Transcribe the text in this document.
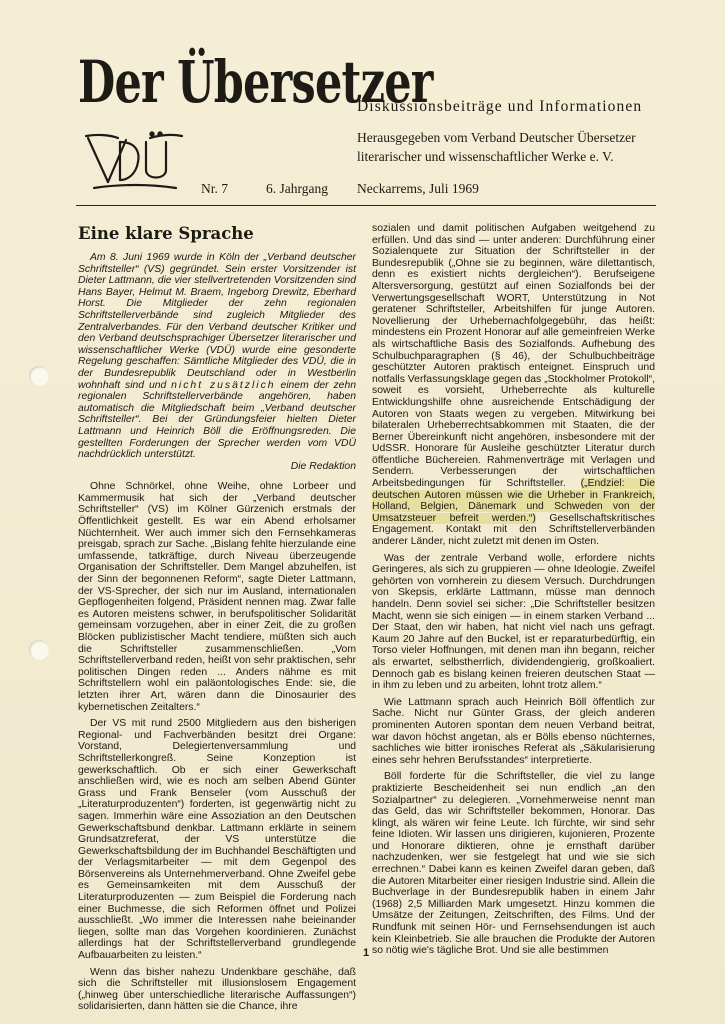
Der Übersetzer
Diskussionsbeiträge und Informationen
Herausgegeben vom Verband Deutscher Übersetzer
literarischer und wissenschaftlicher Werke e. V.
Nr. 7	6. Jahrgang Neckarrems, Juli 1969
Eine klare Sprache
Am 8. Juni 1969 wurde in Köln der „Verband deutscher Schriftsteller“ (VS) gegründet. Sein erster Vorsitzender ist Dieter Lattmann, die vier stellvertretenden Vorsitzenden sind Hans Bayer, Helmut M. Braem, Ingeborg Drewitz, Eberhard Horst. Die Mitglieder der zehn regionalen Schriftstellerverbände sind zugleich Mitglieder des Zentralverbandes. Für den Verband deutscher Kritiker und den Verband deutschsprachiger Übersetzer literarischer und wissenschaftlicher Werke (VDÜ) wurde eine gesonderte Regelung geschaffen: Sämtliche Mitglieder des VDÜ, die in der Bundesrepublik Deutschland oder in Westberlin wohnhaft sind und nicht zusätzlich einem der zehn regionalen Schriftstellerverbände angehören, haben automatisch die Mitgliedschaft beim „Verband deutscher Schriftsteller“. Bei der Gründungsfeier hielten Dieter Lattmann und Heinrich Böll die Eröffnungsreden. Die gestellten Forderungen der Sprecher werden vom VDÜ nachdrücklich unterstützt.
Die Redaktion

Ohne Schnörkel, ohne Weihe, ohne Lorbeer und Kammermusik hat sich der „Verband deutscher Schriftsteller“ (VS) im Kölner Gürzenich erstmals der Öffentlichkeit gestellt. Es war ein Abend erholsamer Nüchternheit. Wer auch immer sich den Fernsehkameras preisgab, sprach zur Sache. „Bislang fehlte hierzulande eine umfassende, tatkräftige, durch Niveau überzeugende Organisation der Schriftsteller. Dem Mangel abzuhelfen, ist der Sinn der begonnenen Reform“, sagte Dieter Lattmann, der VS-Sprecher, der sich nur im Ausland, internationalen Gepflogenheiten folgend, Präsident nennen mag. Zwar falle es Autoren meistens schwer, in berufspolitischer Solidarität gemeinsam vorzugehen, aber in einer Zeit, die zu großen Blöcken publizistischer Macht tendiere, müßten sich auch die Schriftsteller zusammenschließen. „Vom Schriftstellerverband reden, heißt von sehr praktischen, sehr politischen Dingen reden ... Anders nähme es mit Schriftstellern wohl ein paläontologisches Ende: sie, die letzten ihrer Art, wären dann die Dinosaurier des kybernetischen Zeitalters.“

Der VS mit rund 2500 Mitgliedern aus den bisherigen Regional- und Fachverbänden besitzt drei Organe: Vorstand, Delegiertenversammlung und Schriftstellerkongreß. Seine Konzeption ist gewerkschaftlich. Ob er sich einer Gewerkschaft anschließen wird, wie es noch am selben Abend Günter Grass und Frank Benseler (vom Ausschuß der „Literaturproduzenten“) forderten, ist gegenwärtig nicht zu sagen. Immerhin wäre eine Assoziation an den Deutschen Gewerkschaftsbund denkbar. Lattmann erklärte in seinem Grundsatzreferat, der VS unterstütze die Gewerkschaftsbildung der im Buchhandel Beschäftigten und der Verlagsmitarbeiter — mit dem Gegenpol des Börsenvereins als Unternehmerverband. Ohne Zweifel gebe es Gemeinsamkeiten mit dem Ausschuß der Literaturproduzenten — zum Beispiel die Forderung nach einer Buchmesse, die sich Reformen öffnet und Polizei ausschließt. „Wo immer die Interessen nahe beieinander liegen, sollte man das Vorgehen koordinieren. Zunächst allerdings hat der Schriftstellerverband grundlegende Aufbauarbeiten zu leisten.“

Wenn das bisher nahezu Undenkbare geschähe, daß sich die Schriftsteller mit illusionslosem Engagement („hinweg über unterschiedliche literarische Auffassungen“) solidarisierten, dann hätten sie die Chance, ihre

sozialen und damit politischen Aufgaben weitgehend zu erfüllen. Und das sind — unter anderen: Durchführung einer Sozialenquete zur Situation der Schriftsteller in der Bundesrepublik („Ohne sie zu beginnen, wäre dilettantisch, denn es existiert nichts dergleichen“). Berufseigene Altersversorgung, gestützt auf einen Sozialfonds bei der Verwertungsgesellschaft WORT, Unterstützung in Not geratener Schriftsteller, Arbeitshilfen für junge Autoren. Novellierung der Urhebernachfolgegebühr, das heißt: mindestens ein Prozent Honorar auf alle gemeinfreien Werke als wirtschaftliche Basis des Sozialfonds. Aufhebung des Schulbuchparagraphen (§ 46), der Schulbuchbeiträge geschützter Autoren praktisch enteignet. Einspruch und notfalls Verfassungsklage gegen das „Stockholmer Protokoll“, soweit es vorsieht, Urheberrechte als kulturelle Entwicklungshilfe ohne ausreichende Entschädigung der Autoren von Staats wegen zu vergeben. Mitwirkung bei bilateralen Urheberrechtsabkommen mit Staaten, die der Berner Übereinkunft nicht angehören, insbesondere mit der UdSSR. Honorare für Ausleihe geschützter Literatur durch öffentliche Büchereien. Rahmenverträge mit Verlagen und Sendern. Verbesserungen der wirtschaftlichen Arbeitsbedingungen für Schriftsteller. („Endziel: Die deutschen Autoren müssen wie die Urheber in Frankreich, Holland, Belgien, Dänemark und Schweden von der Umsatzsteuer befreit werden.“) Gesellschaftskritisches Engagement. Kontakt mit den Schriftstellerverbänden anderer Länder, nicht zuletzt mit denen im Osten.

Was der zentrale Verband wolle, erfordere nichts Geringeres, als sich zu gruppieren — ohne Ideologie. Zweifel gehörten von vornherein zu diesem Versuch. Durchdrungen von Skepsis, erklärte Lattmann, müsse man dennoch handeln. Denn soviel sei sicher: „Die Schriftsteller besitzen Macht, wenn sie sich einigen — in einem starken Verband ... Der Staat, den wir haben, hat nicht viel nach uns gefragt. Kaum 20 Jahre auf den Buckel, ist er reparaturbedürftig, ein Torso vieler Hoffnungen, mit denen man ihn begann, reicher als erwartet, selbstherrlich, dividendengierig, großkoaliert. Dennoch gab es bislang keinen freieren deutschen Staat — in ihm zu leben und zu arbeiten, lohnt trotz allem.“

Wie Lattmann sprach auch Heinrich Böll öffentlich zur Sache. Nicht nur Günter Grass, der gleich anderen prominenten Autoren spontan dem neuen Verband beitrat, war davon höchst angetan, als er Bölls ebenso nüchternes, sachliches wie bitter ironisches Referat als „Säkularisierung eines sehr hehren Berufsstandes“ interpretierte.

Böll forderte für die Schriftsteller, die viel zu lange praktizierte Bescheidenheit sei nun endlich „an den Sozialpartner“ zu delegieren. „Vornehmerweise nennt man das Geld, das wir Schriftsteller bekommen, Honorar. Das klingt, als wären wir feine Leute. Ich fürchte, wir sind sehr feine Idioten. Wir lassen uns dirigieren, kujonieren, Prozente und Honorare diktieren, ohne je ernsthaft darüber nachzudenken, wer sie festgelegt hat und wie sie sich errechnen.“ Dabei kann es keinen Zweifel daran geben, daß die Autoren Mitarbeiter einer riesigen Industrie sind. Allein die Buchverlage in der Bundesrepublik haben in einem Jahr (1968) 2,5 Milliarden Mark umgesetzt. Hinzu kommen die Umsätze der Zeitungen, Zeitschriften, des Films. Und der Rundfunk mit seinen Hör- und Fernsehsendungen ist auch kein Kleinbetrieb. Sie alle brauchen die Produkte der Autoren so nötig wie's tägliche Brot. Und sie alle bestimmen

1
